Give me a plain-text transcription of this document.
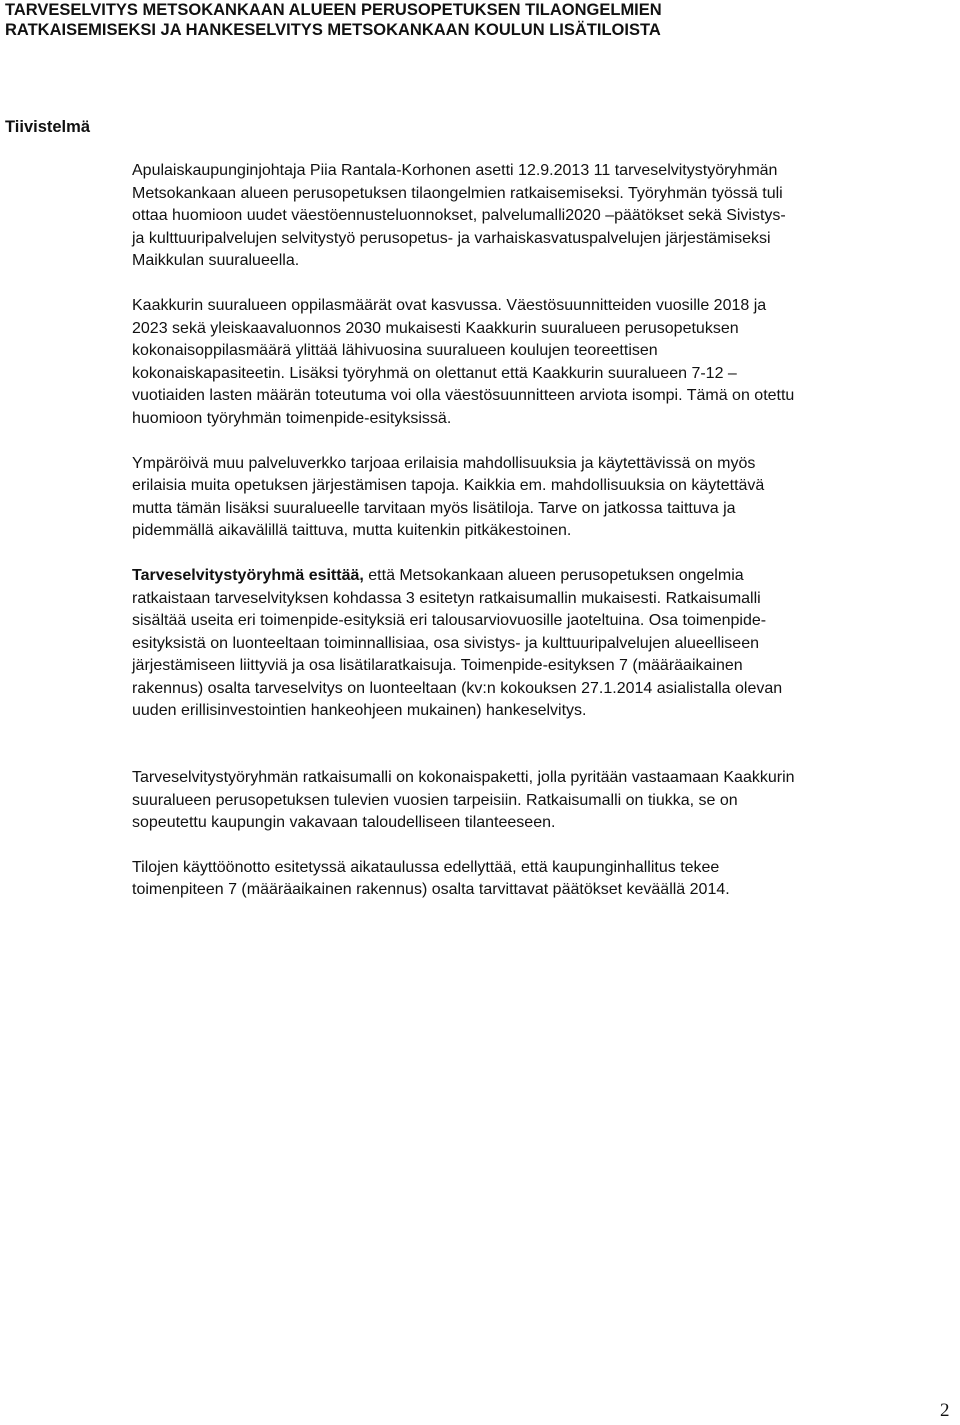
TARVESELVITYS METSOKANKAAN ALUEEN PERUSOPETUKSEN TILAONGELMIEN
RATKAISEMISEKSI JA HANKESELVITYS METSOKANKAAN KOULUN LISÄTILOISTA
Tiivistelmä

Apulaiskaupunginjohtaja Piia Rantala-Korhonen asetti 12.9.2013 11 tarveselvitystyöryhmän
Metsokankaan alueen perusopetuksen tilaongelmien ratkaisemiseksi. Työryhmän työssä tuli
ottaa huomioon uudet väestöennusteluonnokset, palvelumalli2020 –päätökset sekä Sivistys-
ja kulttuuripalvelujen selvitystyö perusopetus- ja varhaiskasvatuspalvelujen järjestämiseksi
Maikkulan suuralueella.

Kaakkurin suuralueen oppilasmäärät ovat kasvussa. Väestösuunnitteiden vuosille 2018 ja
2023 sekä yleiskaavaluonnos 2030 mukaisesti Kaakkurin suuralueen perusopetuksen
kokonaisoppilasmäärä ylittää lähivuosina suuralueen koulujen teoreettisen
kokonaiskapasiteetin. Lisäksi työryhmä on olettanut että Kaakkurin suuralueen 7-12 –
vuotiaiden lasten määrän toteutuma voi olla väestösuunnitteen arviota isompi. Tämä on otettu
huomioon työryhmän toimenpide-esityksissä.

Ympäröivä muu palveluverkko tarjoaa erilaisia mahdollisuuksia ja käytettävissä on myös
erilaisia muita opetuksen järjestämisen tapoja. Kaikkia em. mahdollisuuksia on käytettävä
mutta tämän lisäksi suuralueelle tarvitaan myös lisätiloja. Tarve on jatkossa taittuva ja
pidemmällä aikavälillä taittuva, mutta kuitenkin pitkäkestoinen.

Tarveselvitystyöryhmä esittää, että Metsokankaan alueen perusopetuksen ongelmia
ratkaistaan tarveselvityksen kohdassa 3 esitetyn ratkaisumallin mukaisesti. Ratkaisumalli
sisältää useita eri toimenpide-esityksiä eri talousarviovuosille jaoteltuina. Osa toimenpide-
esityksistä on luonteeltaan toiminnallisiaa, osa sivistys- ja kulttuuripalvelujen alueelliseen
järjestämiseen liittyviä ja osa lisätilaratkaisuja. Toimenpide-esityksen 7 (määräaikainen
rakennus) osalta tarveselvitys on luonteeltaan (kv:n kokouksen 27.1.2014 asialistalla olevan
uuden erillisinvestointien hankeohjeen mukainen) hankeselvitys.

Tarveselvitystyöryhmän ratkaisumalli on kokonaispaketti, jolla pyritään vastaamaan Kaakkurin
suuralueen perusopetuksen tulevien vuosien tarpeisiin. Ratkaisumalli on tiukka, se on
sopeutettu kaupungin vakavaan taloudelliseen tilanteeseen.

Tilojen käyttöönotto esitetyssä aikataulussa edellyttää, että kaupunginhallitus tekee
toimenpiteen 7 (määräaikainen rakennus) osalta tarvittavat päätökset keväällä 2014.

2
